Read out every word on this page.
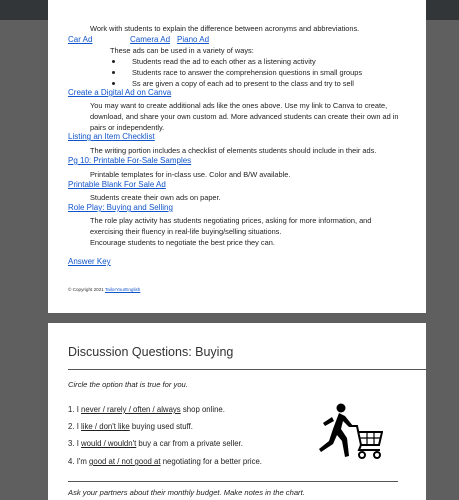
Work with students to explain the difference between acronyms and abbreviations.
Car Ad	Camera Ad Piano Ad
These ads can be used in a variety of ways:
Students read the ad to each other as a listening activity
Students race to answer the comprehension questions in small groups
Ss are given a copy of each ad to present to the class and try to sell
Create a Digital Ad on Canva
You may want to create additional ads like the ones above. Use my link to Canva to create,
download, and share your own custom ad. More advanced students can create their own ad in
pairs or independently.
Listing an Item Checklist
The writing portion includes a checklist of elements students should include in their ads.
Pg 10: Printable For-Sale Samples
Printable templates for in-class use. Color and B/W available.
Printable Blank For Sale Ad
Students create their own ads on paper.
Role Play: Buying and Selling
The role play activity has students negotiating prices, asking for more information, and
exercising their fluency in real-life buying/selling situations.
Encourage students to negotiate the best price they can.
Answer Key
© Copyright 2021 TailorYourEnglish
Discussion Questions: Buying
Circle the option that is true for you.
1. I never / rarely / often / always shop online.
2. I like / don't like buying used stuff.
3. I would / wouldn't buy a car from a private seller.
4. I'm good at / not good at negotiating for a better price.
Ask your partners about their monthly budget. Make notes in the chart.
